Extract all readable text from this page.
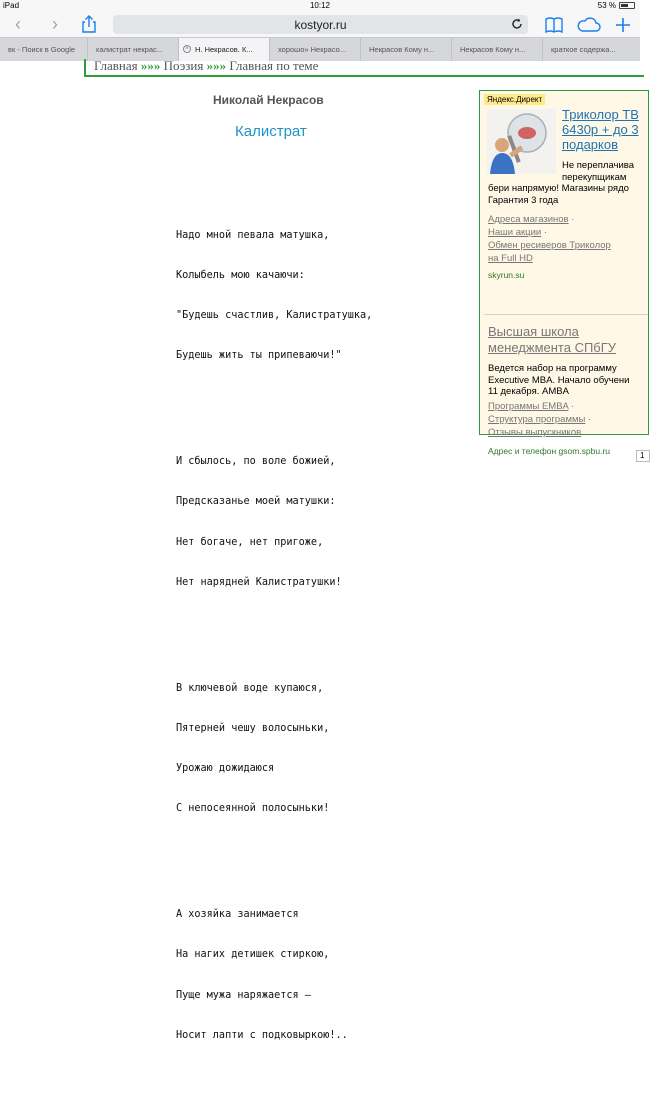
iPad	10:12	53 %
‹	›	kostyor.ru
вк - Поиск в Google	калистрат некрас...	× Н. Некрасов. К...	хорошо» Некрасо...	Некрасов Кому н...	Некрасов Кому н...	краткое содержа...
Главная »»» Поэзия »»» Главная по теме
Николай Некрасов
Калистрат

Надо мной певала матушка,

Колыбель мою качаючи:

"Будешь счастлив, Калистратушка,

Будешь жить ты припеваючи!"

И сбылось, по воле божией,

Предсказанье моей матушки:

Нет богаче, нет пригоже,

Нет нарядней Калистратушки!

В ключевой воде купаюся,

Пятерней чешу волосыньки,

Урожаю дожидаюся

С непосеянной полосыньки!

А хозяйка занимается

На нагих детишек стиркою,

Пуще мужа наряжается —

Носит лапти с подковыркою!..

Яндекс.Директ
Триколор ТВ
6430р + до 3
подарков
Не переплачива
перекупщикам
бери напрямую! Магазины рядо
Гарантия 3 года
Адреса магазинов ·
Наши акции ·
Обмен ресиверов Триколор
на Full HD
skyrun.su
Высшая школа
менеджмента СПбГУ
Ведется набор на программу
Executive MBA. Начало обучени
11 декабря. AMBA
Программы EMBA ·
Структура программы ·
Отзывы выпускников
Адрес и телефон gsom.spbu.ru	1
